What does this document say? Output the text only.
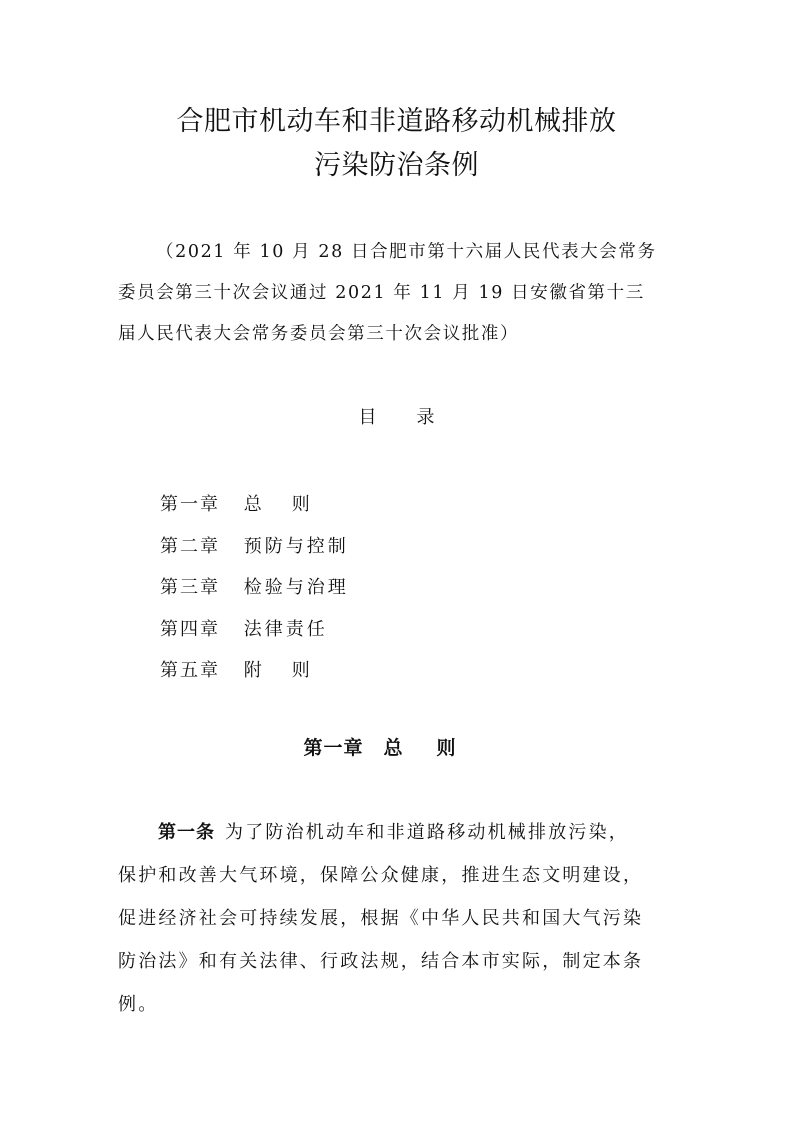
合肥市机动车和非道路移动机械排放
污染防治条例
（2021 年 10 月 28 日合肥市第十六届人民代表大会常务
委员会第三十次会议通过 2021 年 11 月 19 日安徽省第十三
届人民代表大会常务委员会第三十次会议批准）
目录
第一章 总则
第二章 预防与控制
第三章 检验与治理
第四章 法律责任
第五章 附则
第一章 总则
第一条 为了防治机动车和非道路移动机械排放污染，
保护和改善大气环境，保障公众健康，推进生态文明建设，
促进经济社会可持续发展，根据《中华人民共和国大气污染
防治法》和有关法律、行政法规，结合本市实际，制定本条
例。
